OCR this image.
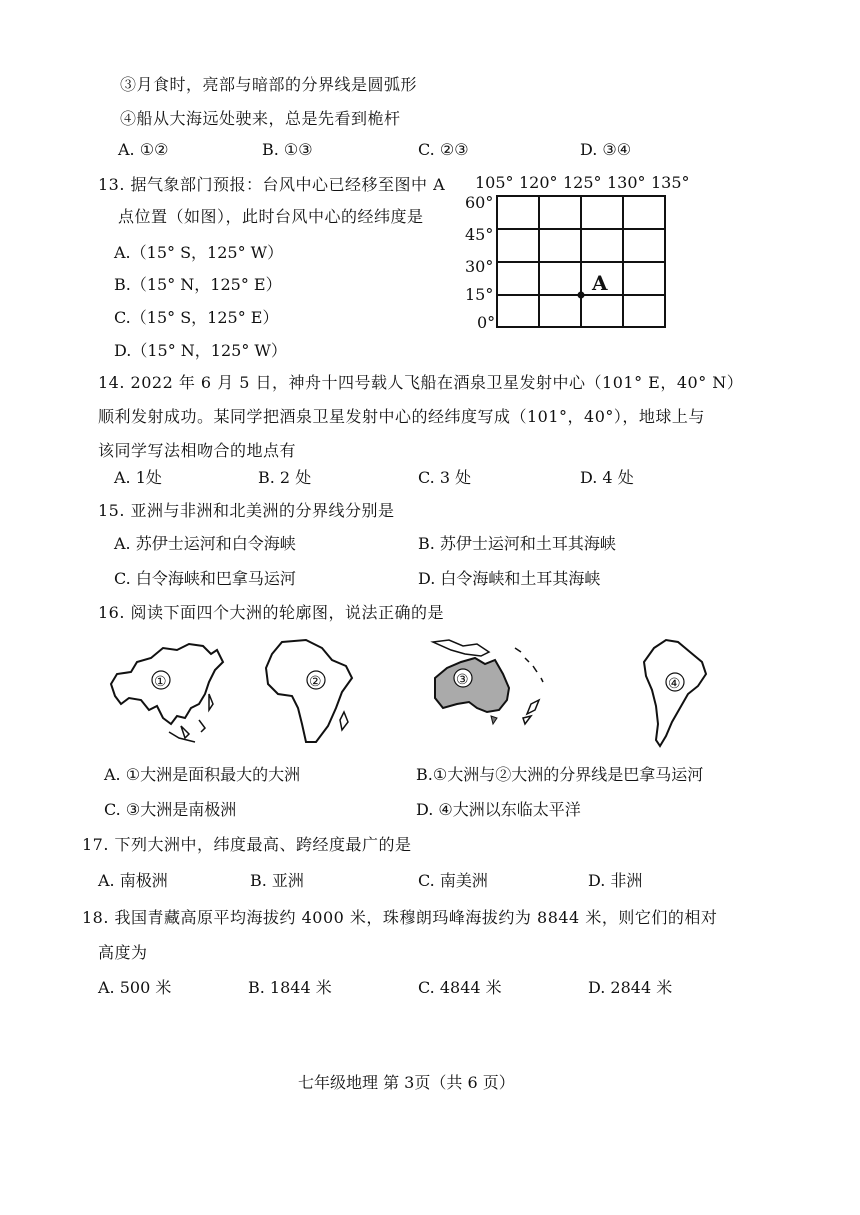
③月食时，亮部与暗部的分界线是圆弧形
④船从大海远处驶来，总是先看到桅杆
A. ①②	B. ①③	C. ②③	D. ③④
13. 据气象部门预报：台风中心已经移至图中 A
点位置（如图），此时台风中心的经纬度是
A.（15° S，125° W）
B.（15° N，125° E）
C.（15° S，125° E）
D.（15° N，125° W）
105° 120° 125° 130° 135°
60°
45°
30°
15°
0°
A
14. 2022 年 6 月 5 日，神舟十四号载人飞船在酒泉卫星发射中心（101° E，40° N）
顺利发射成功。某同学把酒泉卫星发射中心的经纬度写成（101°，40°），地球上与
该同学写法相吻合的地点有
A. 1处	B. 2 处	C. 3 处	D. 4 处
15. 亚洲与非洲和北美洲的分界线分别是
A. 苏伊士运河和白令海峡	B. 苏伊士运河和土耳其海峡
C. 白令海峡和巴拿马运河	D. 白令海峡和土耳其海峡
16. 阅读下面四个大洲的轮廓图，说法正确的是
①	②	③	④
A. ①大洲是面积最大的大洲	B.①大洲与②大洲的分界线是巴拿马运河
C. ③大洲是南极洲	D. ④大洲以东临太平洋
17. 下列大洲中，纬度最高、跨经度最广的是
A. 南极洲	B. 亚洲	C. 南美洲	D. 非洲
18. 我国青藏高原平均海拔约 4000 米，珠穆朗玛峰海拔约为 8844 米，则它们的相对
高度为
A. 500 米	B. 1844 米	C. 4844 米	D. 2844 米
七年级地理 第 3页（共 6 页）
